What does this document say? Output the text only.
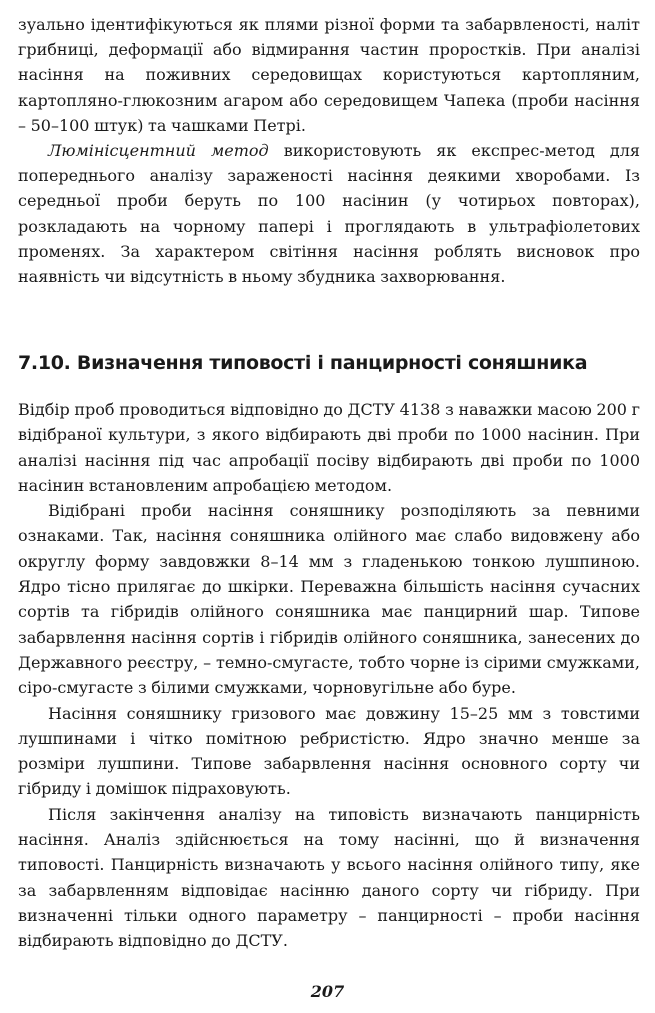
зуально ідентифікуються як плями різної форми та забарвленості, наліт грибниці, деформації або відмирання частин проростків. При аналізі насіння на поживних середовищах користуються картопляним, картопляно-глюкозним агаром або середовищем Чапека (проби насіння – 50–100 штук) та чашками Петрі.

Люмінісцентний метод використовують як експрес-метод для попереднього аналізу зараженості насіння деякими хворобами. Із середньої проби беруть по 100 насінин (у чотирьох повторах), розкладають на чорному папері і проглядають в ультрафіолетових променях. За характером світіння насіння роблять висновок про наявність чи відсутність в ньому збудника захворювання.

7.10. Визначення типовості і панцирності соняшника

Відбір проб проводиться відповідно до ДСТУ 4138 з наважки масою 200 г відібраної культури, з якого відбирають дві проби по 1000 насінин. При аналізі насіння під час апробації посіву відбирають дві проби по 1000 насінин встановленим апробацією методом.

Відібрані проби насіння соняшнику розподіляють за певними ознаками. Так, насіння соняшника олійного має слабо видовжену або округлу форму завдовжки 8–14 мм з гладенькою тонкою лушпиною. Ядро тісно прилягає до шкірки. Переважна більшість насіння сучасних сортів та гібридів олійного соняшника має панцирний шар. Типове забарвлення насіння сортів і гібридів олійного соняшника, занесених до Державного реєстру, – темно-смугасте, тобто чорне із сірими смужками, сіро-смугасте з білими смужками, чорновугільне або буре.

Насіння соняшнику гризового має довжину 15–25 мм з товстими лушпинами і чітко помітною ребристістю. Ядро значно менше за розміри лушпини. Типове забарвлення насіння основного сорту чи гібриду і домішок підраховують.

Після закінчення аналізу на типовість визначають панцирність насіння. Аналіз здійснюється на тому насінні, що й визначення типовості. Панцирність визначають у всього насіння олійного типу, яке за забарвленням відповідає насінню даного сорту чи гібриду. При визначенні тільки одного параметру – панцирності – проби насіння відбирають відповідно до ДСТУ.

207
